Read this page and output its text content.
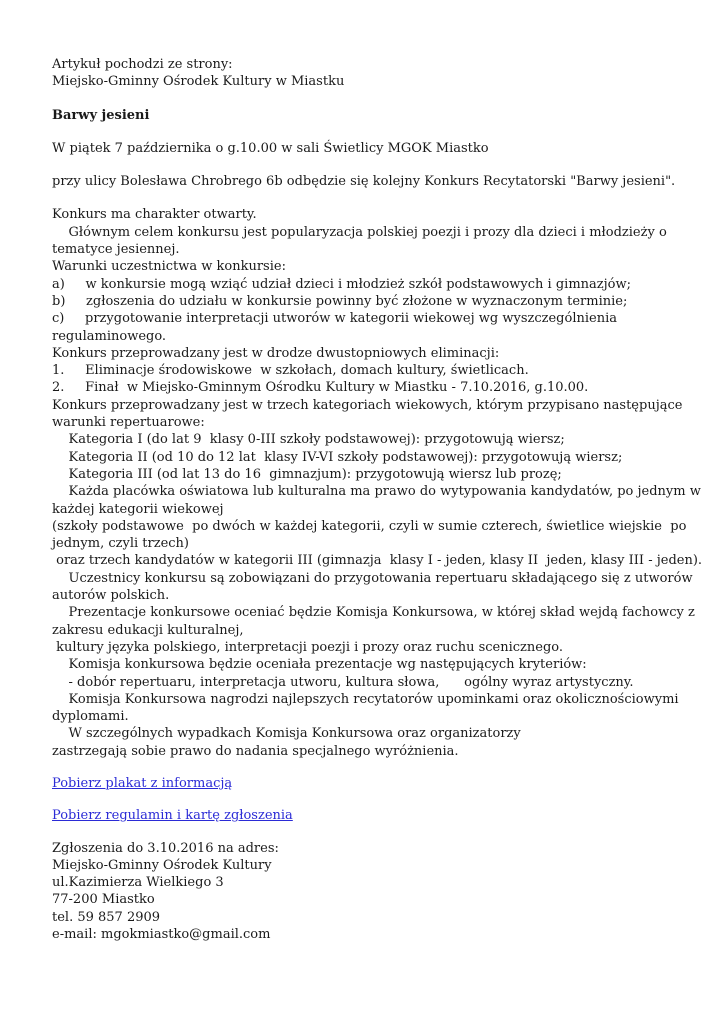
Artykuł pochodzi ze strony:

Miejsko-Gminny Ośrodek Kultury w Miastku

Barwy jesieni

W piątek 7 października o g.10.00 w sali Świetlicy MGOK Miastko

przy ulicy Bolesława Chrobrego 6b odbędzie się kolejny Konkurs Recytatorski "Barwy jesieni".

Konkurs ma charakter otwarty.

Głównym celem konkursu jest popularyzacja polskiej poezji i prozy dla dzieci i młodzieży o

tematyce jesiennej.

Warunki uczestnictwa w konkursie:

a)     w konkursie mogą wziąć udział dzieci i młodzież szkół podstawowych i gimnazjów;

b)     zgłoszenia do udziału w konkursie powinny być złożone w wyznaczonym terminie;

c)     przygotowanie interpretacji utworów w kategorii wiekowej wg wyszczególnienia

regulaminowego.

Konkurs przeprowadzany jest w drodze dwustopniowych eliminacji:

1.     Eliminacje środowiskowe  w szkołach, domach kultury, świetlicach.

2.     Finał  w Miejsko-Gminnym Ośrodku Kultury w Miastku - 7.10.2016, g.10.00.

Konkurs przeprowadzany jest w trzech kategoriach wiekowych, którym przypisano następujące

warunki repertuarowe:

Kategoria I (do lat 9  klasy 0-III szkoły podstawowej): przygotowują wiersz;

Kategoria II (od 10 do 12 lat  klasy IV-VI szkoły podstawowej): przygotowują wiersz;

Kategoria III (od lat 13 do 16  gimnazjum): przygotowują wiersz lub prozę;

Każda placówka oświatowa lub kulturalna ma prawo do wytypowania kandydatów, po jednym w

każdej kategorii wiekowej

(szkoły podstawowe  po dwóch w każdej kategorii, czyli w sumie czterech, świetlice wiejskie  po

jednym, czyli trzech)

oraz trzech kandydatów w kategorii III (gimnazja  klasy I - jeden, klasy II  jeden, klasy III - jeden).

Uczestnicy konkursu są zobowiązani do przygotowania repertuaru składającego się z utworów

autorów polskich.

Prezentacje konkursowe oceniać będzie Komisja Konkursowa, w której skład wejdą fachowcy z

zakresu edukacji kulturalnej,

kultury języka polskiego, interpretacji poezji i prozy oraz ruchu scenicznego.

Komisja konkursowa będzie oceniała prezentacje wg następujących kryteriów:

- dobór repertuaru, interpretacja utworu, kultura słowa,      ogólny wyraz artystyczny.

Komisja Konkursowa nagrodzi najlepszych recytatorów upominkami oraz okolicznościowymi

dyplomami.

W szczególnych wypadkach Komisja Konkursowa oraz organizatorzy

zastrzegają sobie prawo do nadania specjalnego wyróżnienia.

Pobierz plakat z informacją

Pobierz regulamin i kartę zgłoszenia

Zgłoszenia do 3.10.2016 na adres:

Miejsko-Gminny Ośrodek Kultury

ul.Kazimierza Wielkiego 3

77-200 Miastko

tel. 59 857 2909

e-mail: mgokmiastko@gmail.com
